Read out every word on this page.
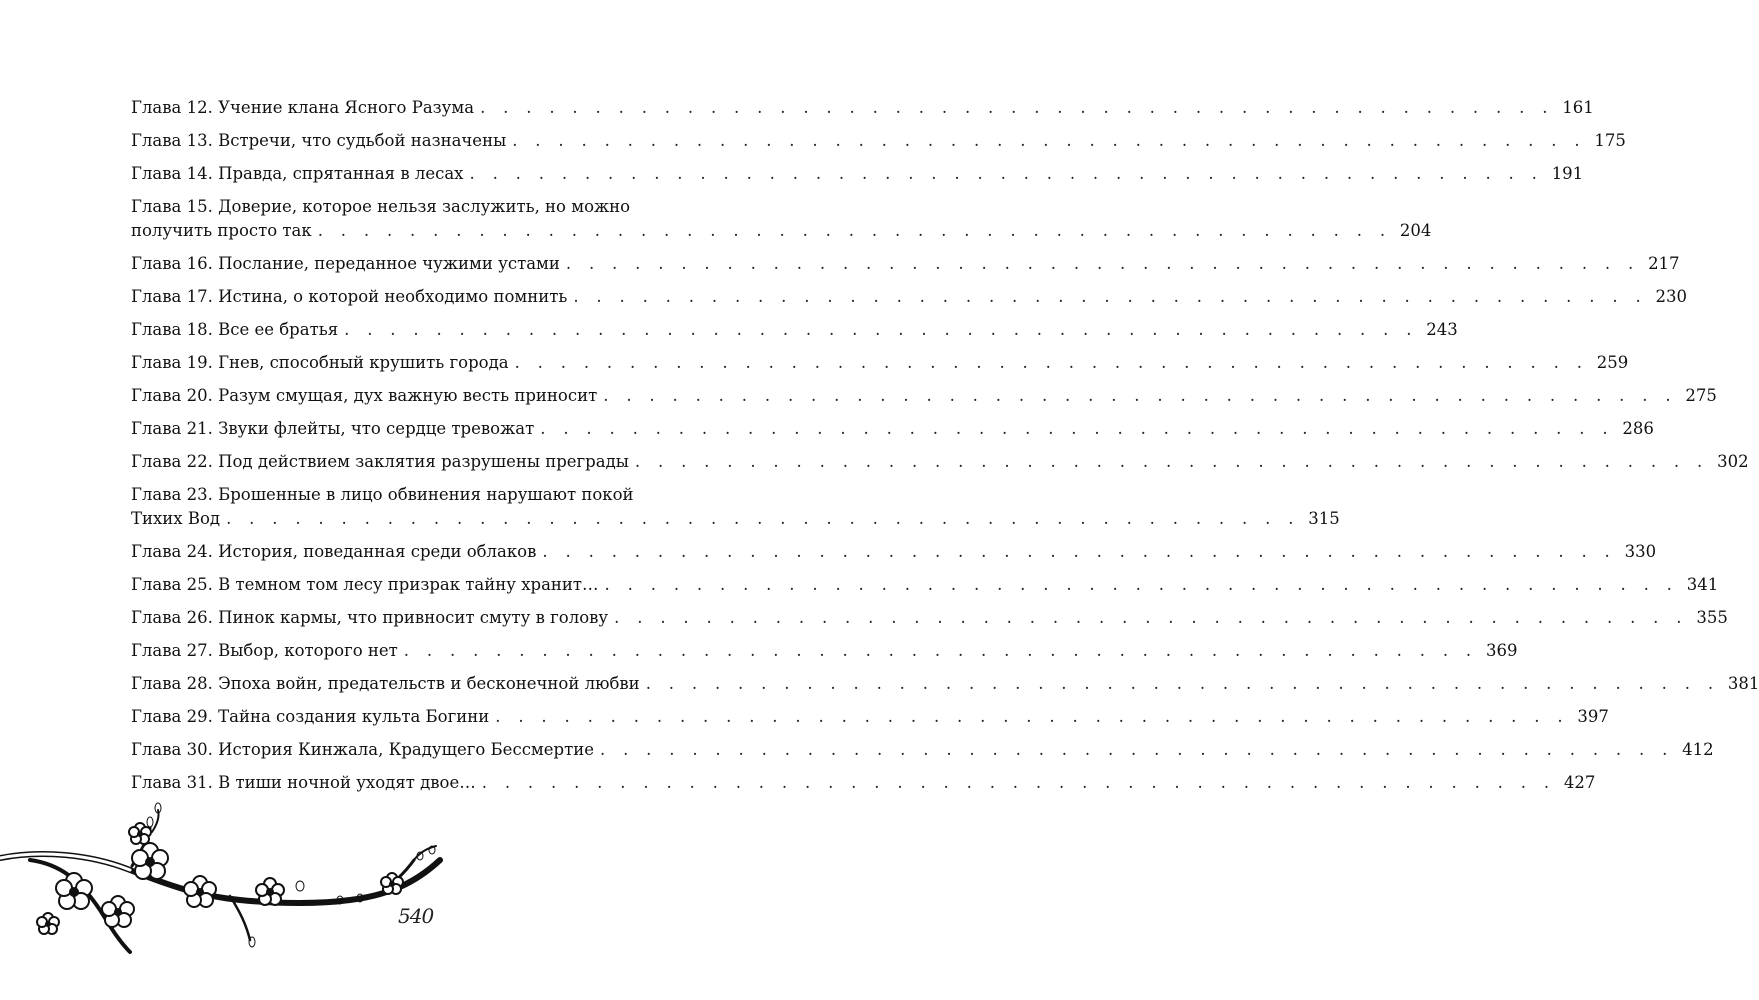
Глава 12. Учение клана Ясного Разума . . . . . . . . . . . . . . . . . . . . . . . . . . . . . . . . . . . . . . . . . . . . . . . 161
Глава 13. Встречи, что судьбой назначены . . . . . . . . . . . . . . . . . . . . . . . . . . . . . . . . . . . . . . . . . . . . . . . 175
Глава 14. Правда, спрятанная в лесах . . . . . . . . . . . . . . . . . . . . . . . . . . . . . . . . . . . . . . . . . . . . . . . 191
Глава 15. Доверие, которое нельзя заслужить, но можно
получить просто так . . . . . . . . . . . . . . . . . . . . . . . . . . . . . . . . . . . . . . . . . . . . . . . 204
Глава 16. Послание, переданное чужими устами . . . . . . . . . . . . . . . . . . . . . . . . . . . . . . . . . . . . . . . . . . . . . . . 217
Глава 17. Истина, о которой необходимо помнить . . . . . . . . . . . . . . . . . . . . . . . . . . . . . . . . . . . . . . . . . . . . . . . 230
Глава 18. Все ее братья . . . . . . . . . . . . . . . . . . . . . . . . . . . . . . . . . . . . . . . . . . . . . . . 243
Глава 19. Гнев, способный крушить города . . . . . . . . . . . . . . . . . . . . . . . . . . . . . . . . . . . . . . . . . . . . . . . 259
Глава 20. Разум смущая, дух важную весть приносит . . . . . . . . . . . . . . . . . . . . . . . . . . . . . . . . . . . . . . . . . . . . . . . 275
Глава 21. Звуки флейты, что сердце тревожат . . . . . . . . . . . . . . . . . . . . . . . . . . . . . . . . . . . . . . . . . . . . . . . 286
Глава 22. Под действием заклятия разрушены преграды . . . . . . . . . . . . . . . . . . . . . . . . . . . . . . . . . . . . . . . . . . . . . . . 302
Глава 23. Брошенные в лицо обвинения нарушают покой
Тихих Вод . . . . . . . . . . . . . . . . . . . . . . . . . . . . . . . . . . . . . . . . . . . . . . . 315
Глава 24. История, поведанная среди облаков . . . . . . . . . . . . . . . . . . . . . . . . . . . . . . . . . . . . . . . . . . . . . . . 330
Глава 25. В темном том лесу призрак тайну хранит… . . . . . . . . . . . . . . . . . . . . . . . . . . . . . . . . . . . . . . . . . . . . . . . 341
Глава 26. Пинок кармы, что привносит смуту в голову . . . . . . . . . . . . . . . . . . . . . . . . . . . . . . . . . . . . . . . . . . . . . . . 355
Глава 27. Выбор, которого нет . . . . . . . . . . . . . . . . . . . . . . . . . . . . . . . . . . . . . . . . . . . . . . . 369
Глава 28. Эпоха войн, предательств и бесконечной любви . . . . . . . . . . . . . . . . . . . . . . . . . . . . . . . . . . . . . . . . . . . . . . . 381
Глава 29. Тайна создания культа Богини . . . . . . . . . . . . . . . . . . . . . . . . . . . . . . . . . . . . . . . . . . . . . . . 397
Глава 30. История Кинжала, Крадущего Бессмертие . . . . . . . . . . . . . . . . . . . . . . . . . . . . . . . . . . . . . . . . . . . . . . . 412
Глава 31. В тиши ночной уходят двое… . . . . . . . . . . . . . . . . . . . . . . . . . . . . . . . . . . . . . . . . . . . . . . . 427
540
